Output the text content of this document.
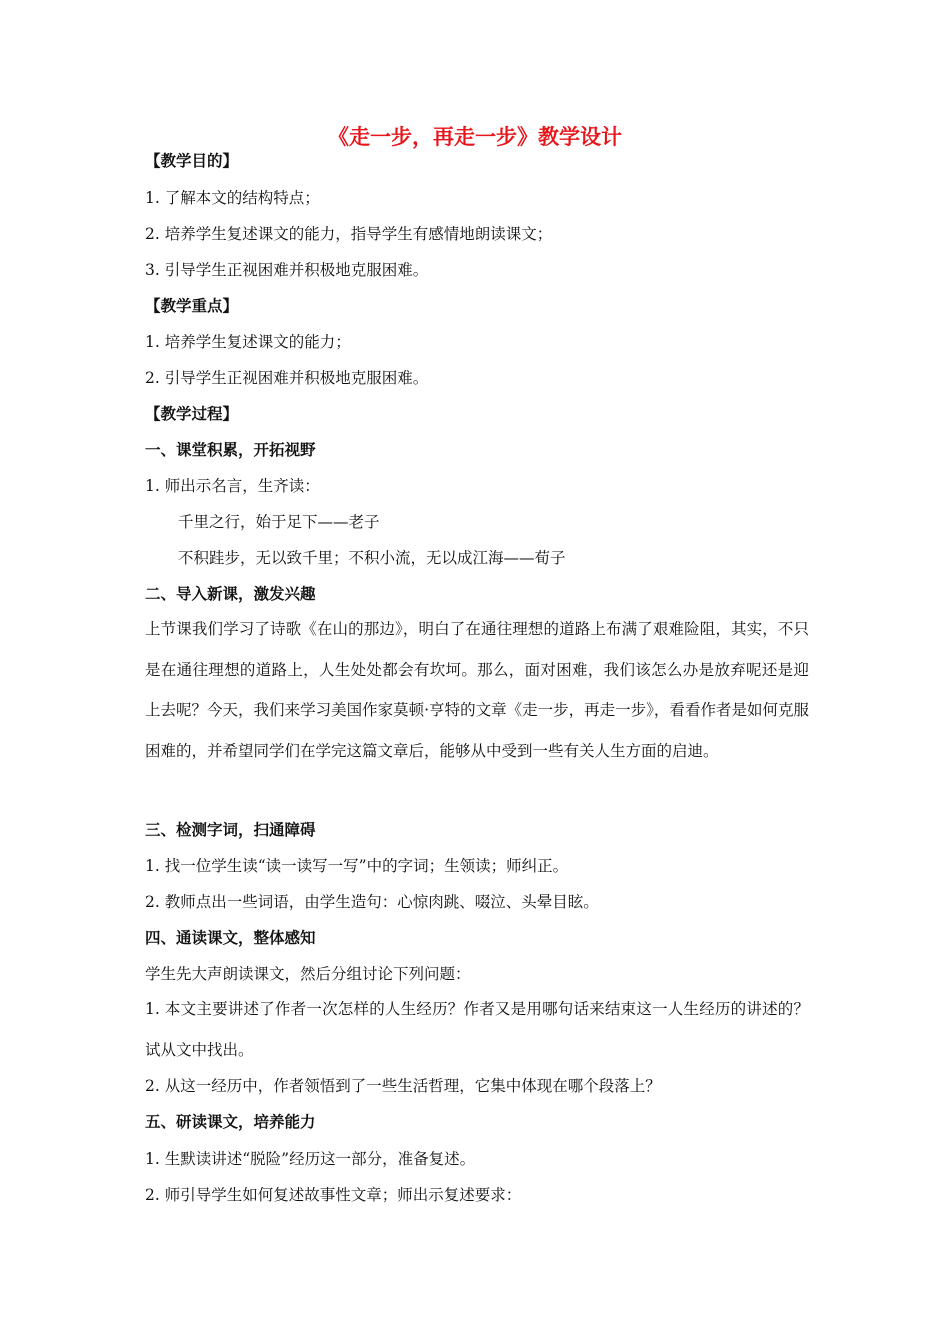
《走一步，再走一步》教学设计

【教学目的】

1. 了解本文的结构特点；

2. 培养学生复述课文的能力，指导学生有感情地朗读课文；

3. 引导学生正视困难并积极地克服困难。

【教学重点】

1. 培养学生复述课文的能力；

2. 引导学生正视困难并积极地克服困难。

【教学过程】

一、课堂积累，开拓视野

1. 师出示名言，生齐读：

千里之行，始于足下——老子

不积跬步，无以致千里；不积小流，无以成江海——荀子

二、导入新课，激发兴趣

上节课我们学习了诗歌《在山的那边》，明白了在通往理想的道路上布满了艰难险阻，其实，不只是在通往理想的道路上，人生处处都会有坎坷。那么，面对困难，我们该怎么办是放弃呢还是迎上去呢？今天，我们来学习美国作家莫顿·亨特的文章《走一步，再走一步》，看看作者是如何克服困难的，并希望同学们在学完这篇文章后，能够从中受到一些有关人生方面的启迪。

三、检测字词，扫通障碍

1. 找一位学生读“读一读写一写”中的字词；生领读；师纠正。

2. 教师点出一些词语，由学生造句：心惊肉跳、啜泣、头晕目眩。

四、通读课文，整体感知

学生先大声朗读课文，然后分组讨论下列问题：

1. 本文主要讲述了作者一次怎样的人生经历？作者又是用哪句话来结束这一人生经历的讲述的？试从文中找出。

2. 从这一经历中，作者领悟到了一些生活哲理，它集中体现在哪个段落上？

五、研读课文，培养能力

1. 生默读讲述“脱险”经历这一部分，准备复述。

2. 师引导学生如何复述故事性文章；师出示复述要求：
